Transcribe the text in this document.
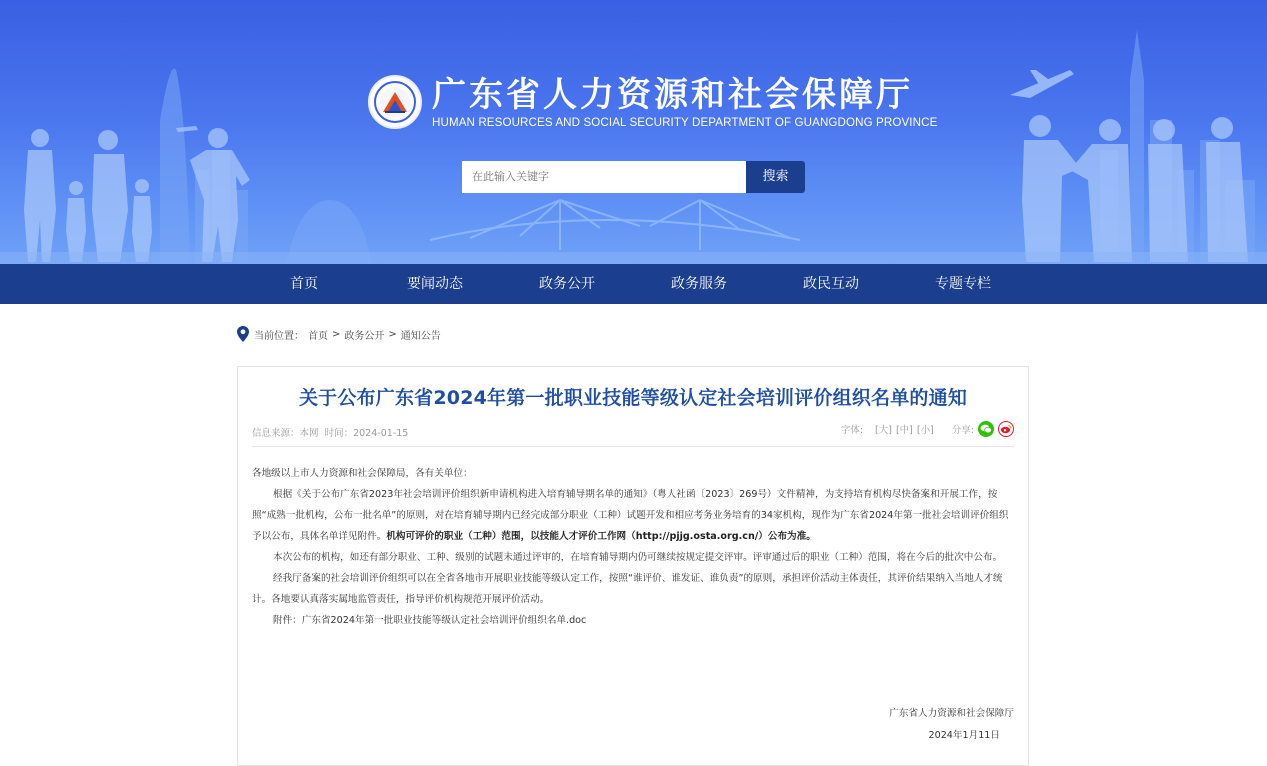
广东省人力资源和社会保障厅
HUMAN RESOURCES AND SOCIAL SECURITY DEPARTMENT OF GUANGDONG PROVINCE
在此输入关键字	搜索
首页	要闻动态	政务公开	政务服务	政民互动	专题专栏
当前位置： 首页 > 政务公开 > 通知公告
关于公布广东省2024年第一批职业技能等级认定社会培训评价组织名单的通知
信息来源：本网 时间：2024-01-15	字体: [大] [中] [小] 分享:

各地级以上市人力资源和社会保障局，各有关单位：

根据《关于公布广东省2023年社会培训评价组织新申请机构进入培育辅导期名单的通知》（粤人社函〔2023〕269号）文件精神，为支持培育机构尽快备案和开展工作，按照“成熟一批机构，公布一批名单”的原则，对在培育辅导期内已经完成部分职业（工种）试题开发和相应考务业务培育的34家机构，现作为广东省2024年第一批社会培训评价组织予以公布，具体名单详见附件。机构可评价的职业（工种）范围，以技能人才评价工作网（http://pjjg.osta.org.cn/）公布为准。

本次公布的机构，如还有部分职业、工种、级别的试题未通过评审的，在培育辅导期内仍可继续按规定提交评审。评审通过后的职业（工种）范围，将在今后的批次中公布。

经我厅备案的社会培训评价组织可以在全省各地市开展职业技能等级认定工作，按照“谁评价、谁发证、谁负责”的原则，承担评价活动主体责任，其评价结果纳入当地人才统计。各地要认真落实属地监管责任，指导评价机构规范开展评价活动。

附件：广东省2024年第一批职业技能等级认定社会培训评价组织名单.doc

广东省人力资源和社会保障厅
2024年1月11日
